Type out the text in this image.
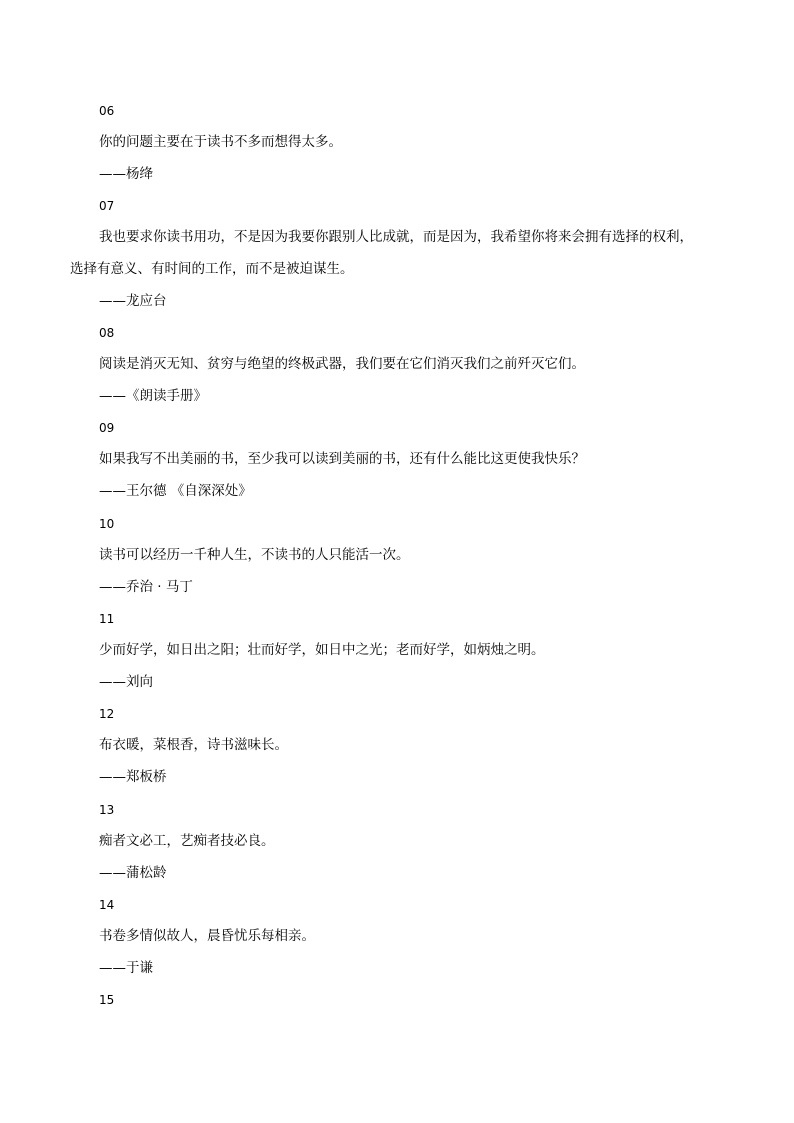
06
你的问题主要在于读书不多而想得太多。
——杨绛
07
我也要求你读书用功，不是因为我要你跟别人比成就，而是因为，我希望你将来会拥有选择的权利，
选择有意义、有时间的工作，而不是被迫谋生。
——龙应台
08
阅读是消灭无知、贫穷与绝望的终极武器，我们要在它们消灭我们之前歼灭它们。
——《朗读手册》
09
如果我写不出美丽的书，至少我可以读到美丽的书，还有什么能比这更使我快乐？
——王尔德 《自深深处》
10
读书可以经历一千种人生，不读书的人只能活一次。
——乔治 · 马丁
11
少而好学，如日出之阳；壮而好学，如日中之光；老而好学，如炳烛之明。
——刘向
12
布衣暖，菜根香，诗书滋味长。
——郑板桥
13
痴者文必工，艺痴者技必良。
——蒲松龄
14
书卷多情似故人，晨昏忧乐每相亲。
——于谦
15
